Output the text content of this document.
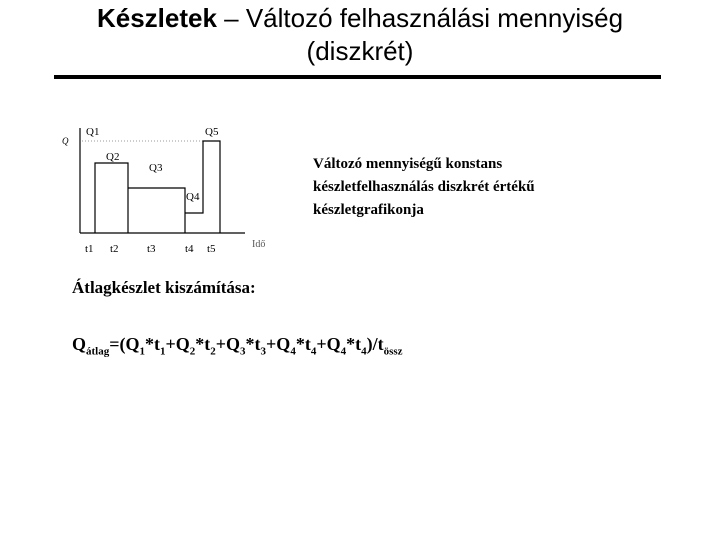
Készletek – Változó felhasználási mennyiség
(diszkrét)
Q
Q1	Q5
Q2
Q3
Q4
t1 t2	t3	t4 t5	Idő
Változó mennyiségű konstans készletfelhasználás diszkrét értékű készletgrafikonja
Átlagkészlet kiszámítása:
$Q_{átlag}=(Q_1*t_1+Q_2*t_2+Q_3*t_3+Q_4*t_4+Q_4*t_4)/t_{össz}$
